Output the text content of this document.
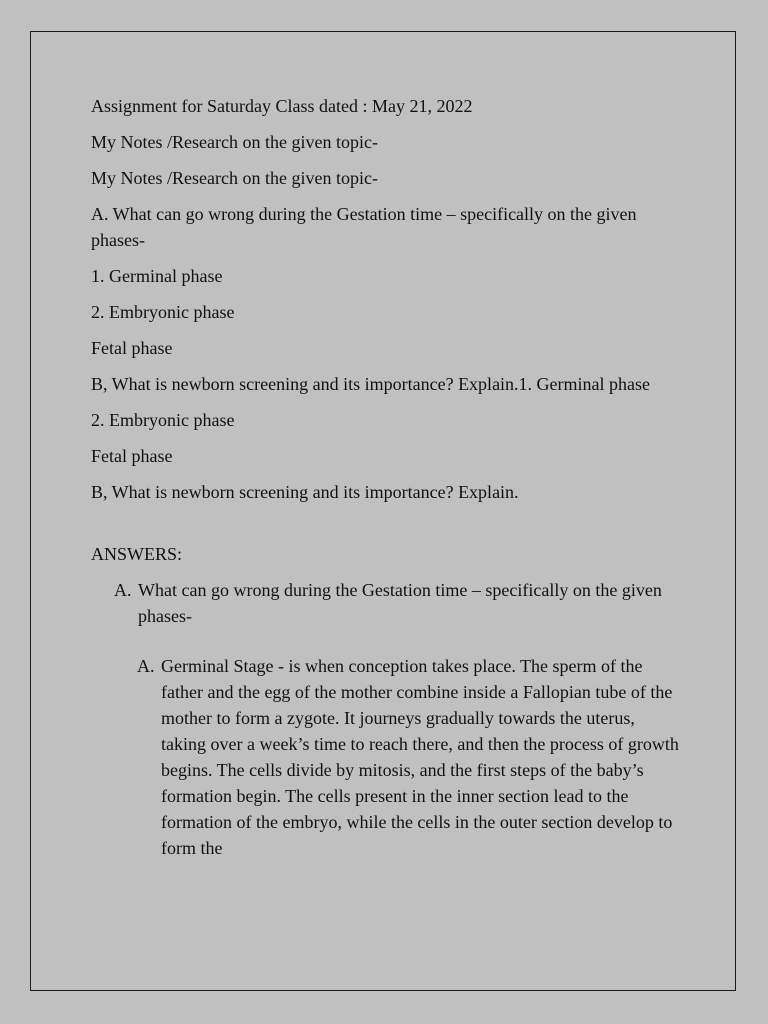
Assignment for Saturday Class dated : May 21, 2022

My Notes /Research on the given topic-

My Notes /Research on the given topic-

A. What can go wrong during the Gestation time – specifically on the given phases-

1. Germinal phase

2. Embryonic phase

Fetal phase

B, What is newborn screening and its importance? Explain.1. Germinal phase

2. Embryonic phase

Fetal phase

B, What is newborn screening and its importance? Explain.

ANSWERS:

A. What can go wrong during the Gestation time – specifically on the given phases-
A. Germinal Stage - is when conception takes place. The sperm of the father and the egg of the mother combine inside a Fallopian tube of the mother to form a zygote. It journeys gradually towards the uterus, taking over a week’s time to reach there, and then the process of growth begins. The cells divide by mitosis, and the first steps of the baby’s formation begin. The cells present in the inner section lead to the formation of the embryo, while the cells in the outer section develop to form the
